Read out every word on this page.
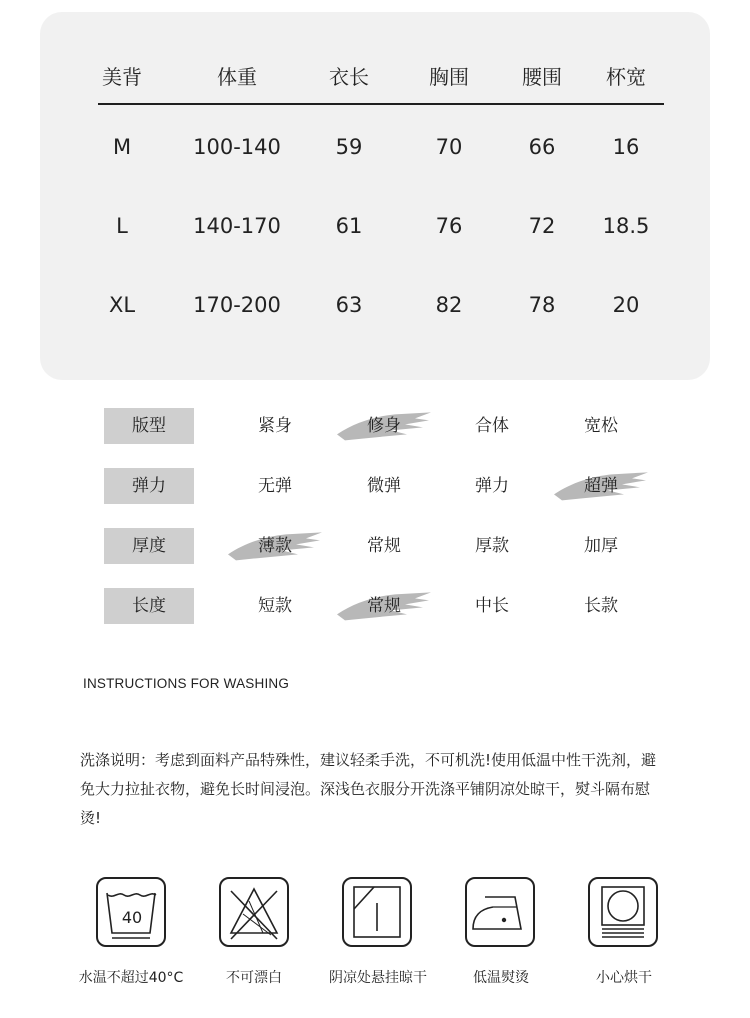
美背	体重	衣长	胸围	腰围 杯宽
M	100-140	59	70	66	16
L	140-170	61	76	72 18.5
XL	170-200	63	82	78	20
版型	紧身	修身	合体	宽松
弹力	无弹	微弹	弹力	超弹
厚度	薄款	常规	厚款	加厚
长度	短款	常规	中长	长款
INSTRUCTIONS FOR WASHING
洗涤说明：考虑到面料产品特殊性，建议轻柔手洗，不可机洗!使用低温中性干洗剂，避免大力拉扯衣物，避免长时间浸泡。深浅色衣服分开洗涤平铺阴凉处晾干，熨斗隔布慰烫!
40
水温不超过40°C	不可漂白	阴凉处悬挂晾干	低温熨烫	小心烘干
